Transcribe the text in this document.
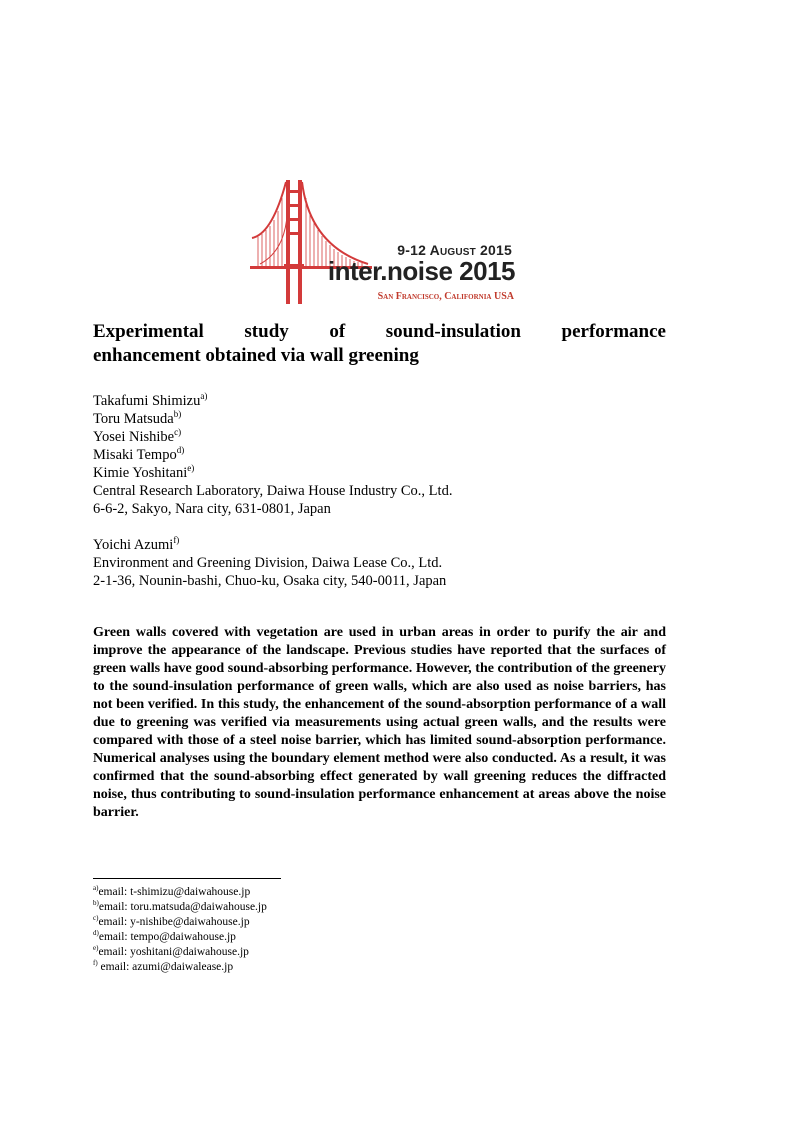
9-12 August 2015
inter.noise 2015
San Francisco, California USA
Experimental study of sound-insulation performance
enhancement obtained via wall greening
Takafumi Shimizu$^{a)}$
Toru Matsuda$^{b)}$
Yosei Nishibe$^{c)}$
Misaki Tempo$^{d)}$
Kimie Yoshitani$^{e)}$
Central Research Laboratory, Daiwa House Industry Co., Ltd.
6-6-2, Sakyo, Nara city, 631-0801, Japan
Yoichi Azumi$^{f)}$
Environment and Greening Division, Daiwa Lease Co., Ltd.
2-1-36, Nounin-bashi, Chuo-ku, Osaka city, 540-0011, Japan

Green walls covered with vegetation are used in urban areas in order to purify the air and improve the appearance of the landscape. Previous studies have reported that the surfaces of green walls have good sound-absorbing performance. However, the contribution of the greenery to the sound-insulation performance of green walls, which are also used as noise barriers, has not been verified. In this study, the enhancement of the sound-absorption performance of a wall due to greening was verified via measurements using actual green walls, and the results were compared with those of a steel noise barrier, which has limited sound-absorption performance. Numerical analyses using the boundary element method were also conducted. As a result, it was confirmed that the sound-absorbing effect generated by wall greening reduces the diffracted noise, thus contributing to sound-insulation performance enhancement at areas above the noise barrier.

$^{a)}$email: t-shimizu@daiwahouse.jp
$^{b)}$email: toru.matsuda@daiwahouse.jp
$^{c)}$email: y-nishibe@daiwahouse.jp
$^{d)}$email: tempo@daiwahouse.jp
$^{e)}$email: yoshitani@daiwahouse.jp
$^{f)}$ email: azumi@daiwalease.jp
